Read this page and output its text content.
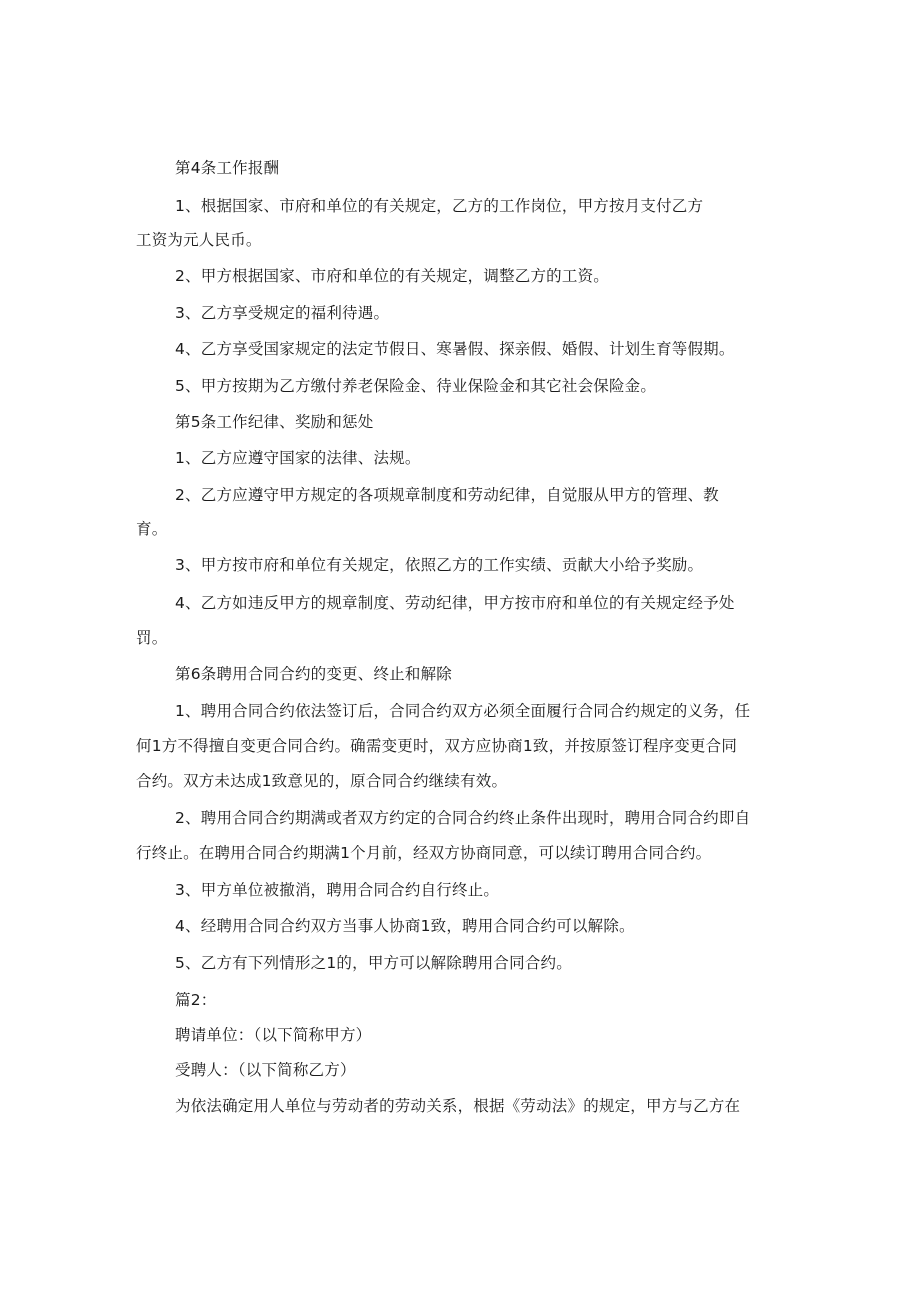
第4条工作报酬
1、根据国家、市府和单位的有关规定，乙方的工作岗位，甲方按月支付乙方
工资为元人民币。
2、甲方根据国家、市府和单位的有关规定，调整乙方的工资。
3、乙方享受规定的福利待遇。
4、乙方享受国家规定的法定节假日、寒暑假、探亲假、婚假、计划生育等假期。
5、甲方按期为乙方缴付养老保险金、待业保险金和其它社会保险金。
第5条工作纪律、奖励和惩处
1、乙方应遵守国家的法律、法规。
2、乙方应遵守甲方规定的各项规章制度和劳动纪律，自觉服从甲方的管理、教
育。
3、甲方按市府和单位有关规定，依照乙方的工作实绩、贡献大小给予奖励。
4、乙方如违反甲方的规章制度、劳动纪律，甲方按市府和单位的有关规定经予处
罚。
第6条聘用合同合约的变更、终止和解除
1、聘用合同合约依法签订后，合同合约双方必须全面履行合同合约规定的义务，任
何1方不得擅自变更合同合约。确需变更时，双方应协商1致，并按原签订程序变更合同
合约。双方未达成1致意见的，原合同合约继续有效。
2、聘用合同合约期满或者双方约定的合同合约终止条件出现时，聘用合同合约即自
行终止。在聘用合同合约期满1个月前，经双方协商同意，可以续订聘用合同合约。
3、甲方单位被撤消，聘用合同合约自行终止。
4、经聘用合同合约双方当事人协商1致，聘用合同合约可以解除。
5、乙方有下列情形之1的，甲方可以解除聘用合同合约。
篇2：
聘请单位：（以下简称甲方）
受聘人：（以下简称乙方）
为依法确定用人单位与劳动者的劳动关系，根据《劳动法》的规定，甲方与乙方在
